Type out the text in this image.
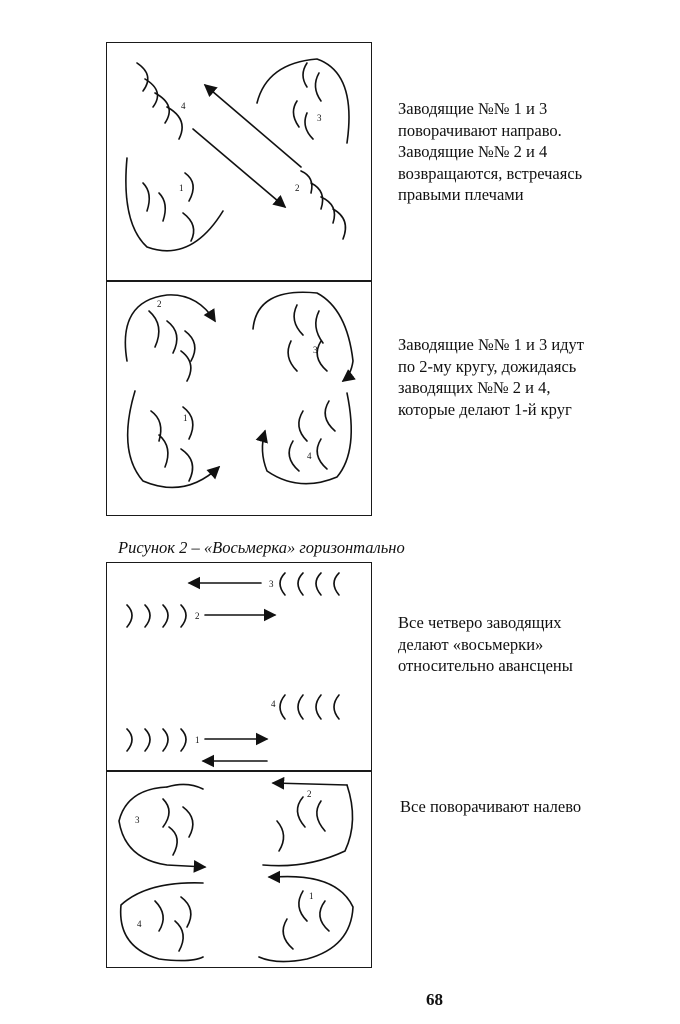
4
3
1	2
Заводящие №№ 1 и 3
поворачивают направо.
Заводящие №№ 2 и 4
возвращаются, встречаясь
правыми плечами
2
3
1
4
Заводящие №№ 1 и 3 идут
по 2-му кругу, дожидаясь
заводящих №№ 2 и 4,
которые делают 1-й круг
Рисунок 2 – «Восьмерка» горизонтально
3
2
4
1
Все четверо заводящих
делают «восьмерки»
относительно авансцены
3
2
4
1
Все поворачивают налево
68
